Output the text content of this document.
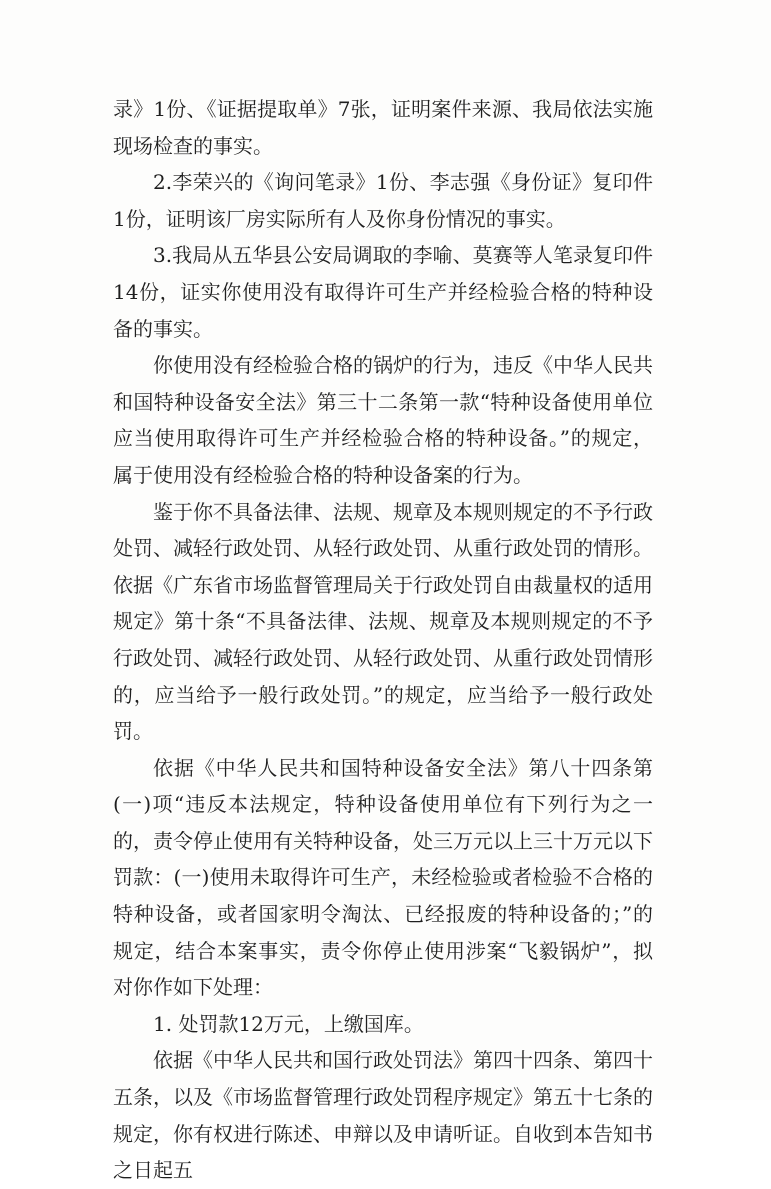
录》1份、《证据提取单》7张，证明案件来源、我局依法实施现场检查的事实。

2.李荣兴的《询问笔录》1份、李志强《身份证》复印件1份，证明该厂房实际所有人及你身份情况的事实。

3.我局从五华县公安局调取的李喻、莫赛等人笔录复印件14份，证实你使用没有取得许可生产并经检验合格的特种设备的事实。

你使用没有经检验合格的锅炉的行为，违反《中华人民共和国特种设备安全法》第三十二条第一款“特种设备使用单位应当使用取得许可生产并经检验合格的特种设备。”的规定，属于使用没有经检验合格的特种设备案的行为。

鉴于你不具备法律、法规、规章及本规则规定的不予行政处罚、减轻行政处罚、从轻行政处罚、从重行政处罚的情形。依据《广东省市场监督管理局关于行政处罚自由裁量权的适用规定》第十条“不具备法律、法规、规章及本规则规定的不予行政处罚、减轻行政处罚、从轻行政处罚、从重行政处罚情形的，应当给予一般行政处罚。”的规定，应当给予一般行政处罚。

依据《中华人民共和国特种设备安全法》第八十四条第(一)项“违反本法规定，特种设备使用单位有下列行为之一的，责令停止使用有关特种设备，处三万元以上三十万元以下罚款：(一)使用未取得许可生产，未经检验或者检验不合格的特种设备，或者国家明令淘汰、已经报废的特种设备的；”的规定，结合本案事实，责令你停止使用涉案“飞毅锅炉”，拟对你作如下处理：

1. 处罚款12万元，上缴国库。

依据《中华人民共和国行政处罚法》第四十四条、第四十五条，以及《市场监督管理行政处罚程序规定》第五十七条的规定，你有权进行陈述、申辩以及申请听证。自收到本告知书之日起五
